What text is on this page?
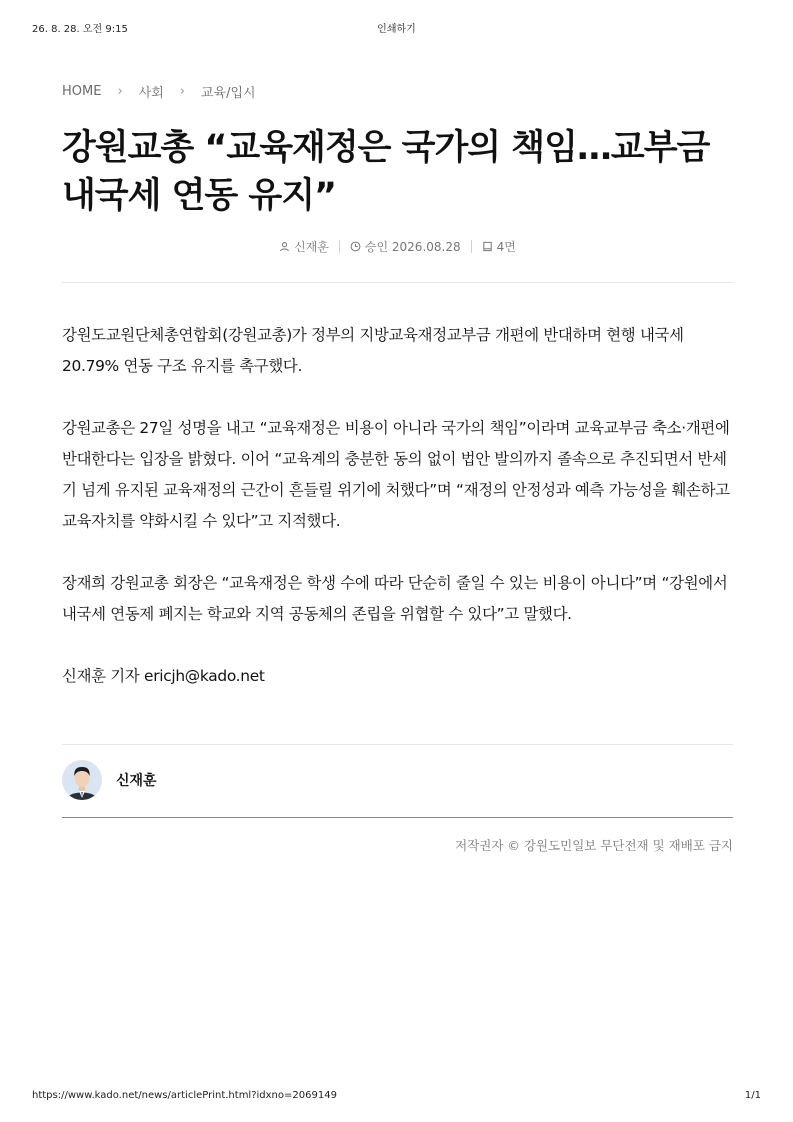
26. 8. 28. 오전 9:15	인쇄하기
HOME › 사회 › 교육/입시
강원교총 “교육재정은 국가의 책임…교부금 내국세 연동 유지”
신재훈	승인 2026.08.28	4면

강원도교원단체총연합회(강원교총)가 정부의 지방교육재정교부금 개편에 반대하며 현행 내국세 20.79% 연동 구조 유지를 촉구했다.

강원교총은 27일 성명을 내고 “교육재정은 비용이 아니라 국가의 책임”이라며 교육교부금 축소·개편에 반대한다는 입장을 밝혔다. 이어 “교육계의 충분한 동의 없이 법안 발의까지 졸속으로 추진되면서 반세기 넘게 유지된 교육재정의 근간이 흔들릴 위기에 처했다”며 “재정의 안정성과 예측 가능성을 훼손하고 교육자치를 약화시킬 수 있다”고 지적했다.

장재희 강원교총 회장은 “교육재정은 학생 수에 따라 단순히 줄일 수 있는 비용이 아니다”며 “강원에서 내국세 연동제 폐지는 학교와 지역 공동체의 존립을 위협할 수 있다”고 말했다.

신재훈 기자 ericjh@kado.net

신재훈
저작권자 © 강원도민일보 무단전재 및 재배포 금지
https://www.kado.net/news/articlePrint.html?idxno=2069149	1/1
